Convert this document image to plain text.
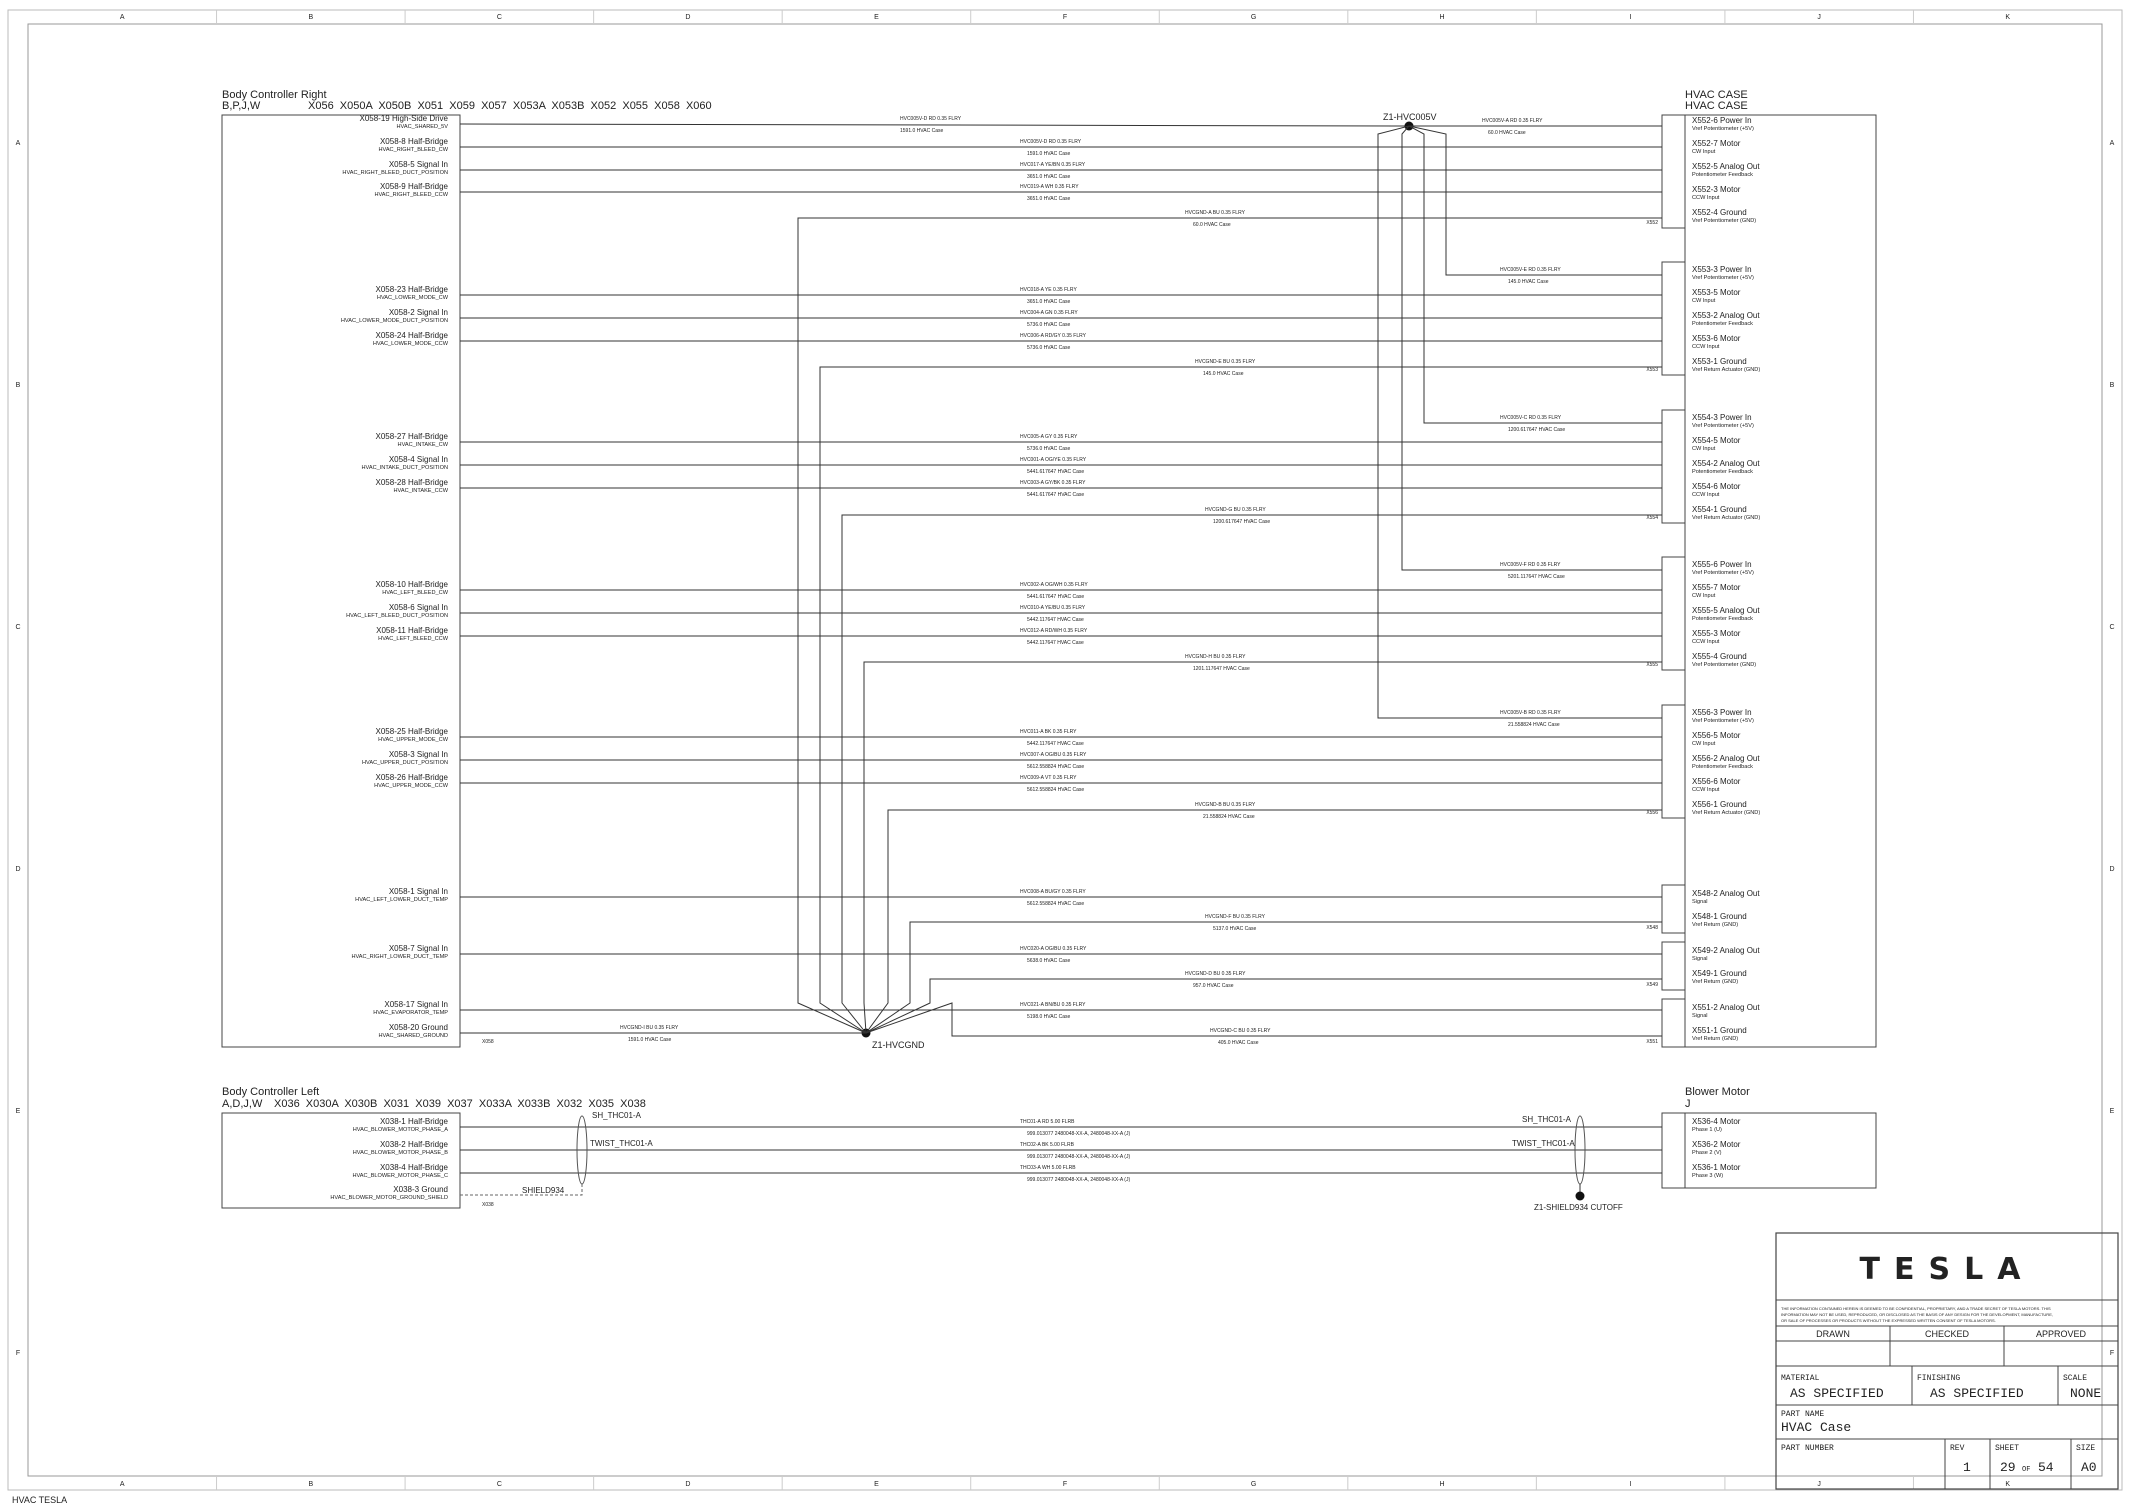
A
A
B
B
C
C
D
D
E
E
F
F
G
G
H
H
I
I
J
J
K
K
A	A
B	B
C	C
D	D
E	E
F	F
Body Controller Right
B,P,J,W	X056  X050A  X050B  X051  X059  X057  X053A  X053B  X052  X055  X058  X060
X058-19 High-Side Drive
HVAC_SHARED_5V
X058-8 Half-Bridge
HVAC_RIGHT_BLEED_CW
X058-5 Signal In
HVAC_RIGHT_BLEED_DUCT_POSITION
X058-9 Half-Bridge
HVAC_RIGHT_BLEED_CCW
X058-23 Half-Bridge
HVAC_LOWER_MODE_CW
X058-2 Signal In
HVAC_LOWER_MODE_DUCT_POSITION
X058-24 Half-Bridge
HVAC_LOWER_MODE_CCW
X058-27 Half-Bridge
HVAC_INTAKE_CW
X058-4 Signal In
HVAC_INTAKE_DUCT_POSITION
X058-28 Half-Bridge
HVAC_INTAKE_CCW
X058-10 Half-Bridge
HVAC_LEFT_BLEED_CW
X058-6 Signal In
HVAC_LEFT_BLEED_DUCT_POSITION
X058-11 Half-Bridge
HVAC_LEFT_BLEED_CCW
X058-25 Half-Bridge
HVAC_UPPER_MODE_CW
X058-3 Signal In
HVAC_UPPER_DUCT_POSITION
X058-26 Half-Bridge
HVAC_UPPER_MODE_CCW
X058-1 Signal In
HVAC_LEFT_LOWER_DUCT_TEMP
X058-7 Signal In
HVAC_RIGHT_LOWER_DUCT_TEMP
X058-17 Signal In
HVAC_EVAPORATOR_TEMP
X058-20 Ground
HVAC_SHARED_GROUND
X058
HVAC CASE
HVAC CASE
X552
X553
X554
X555
X556
X548
X549
X551
X552-6 Power In
Vref Potentiometer (+5V)
X552-7 Motor
CW Input
X552-5 Analog Out
Potentiometer Feedback
X552-3 Motor
CCW Input
X552-4 Ground
Vref Potentiometer (GND)
X553-3 Power In
Vref Potentiometer (+5V)
X553-5 Motor
CW Input
X553-2 Analog Out
Potentiometer Feedback
X553-6 Motor
CCW Input
X553-1 Ground
Vref Return Actuator (GND)
X554-3 Power In
Vref Potentiometer (+5V)
X554-5 Motor
CW Input
X554-2 Analog Out
Potentiometer Feedback
X554-6 Motor
CCW Input
X554-1 Ground
Vref Return Actuator (GND)
X555-6 Power In
Vref Potentiometer (+5V)
X555-7 Motor
CW Input
X555-5 Analog Out
Potentiometer Feedback
X555-3 Motor
CCW Input
X555-4 Ground
Vref Potentiometer (GND)
X556-3 Power In
Vref Potentiometer (+5V)
X556-5 Motor
CW Input
X556-2 Analog Out
Potentiometer Feedback
X556-6 Motor
CCW Input
X556-1 Ground
Vref Return Actuator (GND)
X548-2 Analog Out
Signal
X548-1 Ground
Vref Return (GND)
X549-2 Analog Out
Signal
X549-1 Ground
Vref Return (GND)
X551-2 Analog Out
Signal
X551-1 Ground
Vref Return (GND)
HVC005V-D RD 0.35 FLRY
1591.0 HVAC Case
HVC017-A YE/BN 0.35 FLRY
3651.0 HVAC Case
HVC019-A WH 0.35 FLRY
3651.0 HVAC Case
HVC018-A YE 0.35 FLRY
3651.0 HVAC Case
HVC004-A GN 0.35 FLRY
5736.0 HVAC Case
HVC006-A RD/GY 0.35 FLRY
5736.0 HVAC Case
HVC005-A GY 0.35 FLRY
5736.0 HVAC Case
HVC001-A OG/YE 0.35 FLRY
5441.617647 HVAC Case
HVC003-A GY/BK 0.35 FLRY
5441.617647 HVAC Case
HVC002-A OG/WH 0.35 FLRY
5441.617647 HVAC Case
HVC010-A YE/BU 0.35 FLRY
5442.117647 HVAC Case
HVC012-A RD/WH 0.35 FLRY
5442.117647 HVAC Case
HVC011-A BK 0.35 FLRY
5442.117647 HVAC Case
HVC007-A OG/BU 0.35 FLRY
5612.558824 HVAC Case
HVC009-A VT 0.35 FLRY
5612.558824 HVAC Case
HVC008-A BU/GY 0.35 FLRY
5612.558824 HVAC Case
HVC020-A OG/BU 0.35 FLRY
5638.0 HVAC Case
HVC021-A BN/BU 0.35 FLRY
5198.0 HVAC Case
HVC005V-D RD 0.35 FLRY
1591.0 HVAC Case
HVC005V-A RD 0.35 FLRY
60.0 HVAC Case
HVC005V-E RD 0.35 FLRY
145.0 HVAC Case
HVC005V-C RD 0.35 FLRY
1200.617647 HVAC Case
HVC005V-F RD 0.35 FLRY
5201.117647 HVAC Case
HVC005V-B RD 0.35 FLRY
21.558824 HVAC Case
HVCGND-I BU 0.35 FLRY
1591.0 HVAC Case
HVCGND-A BU 0.35 FLRY
60.0 HVAC Case
HVCGND-E BU 0.35 FLRY
145.0 HVAC Case
HVCGND-G BU 0.35 FLRY
1200.617647 HVAC Case
HVCGND-H BU 0.35 FLRY
1201.117647 HVAC Case
HVCGND-B BU 0.35 FLRY
21.558824 HVAC Case
HVCGND-F BU 0.35 FLRY
5137.0 HVAC Case
HVCGND-D BU 0.35 FLRY
957.0 HVAC Case
HVCGND-C BU 0.35 FLRY
405.0 HVAC Case
Z1-HVC005V
Z1-HVCGND
Body Controller Left
A,D,J,W X036  X030A  X030B  X031  X039  X037  X033A  X033B  X032  X035  X038
X038-1 Half-Bridge
HVAC_BLOWER_MOTOR_PHASE_A
X038-2 Half-Bridge
HVAC_BLOWER_MOTOR_PHASE_B
X038-4 Half-Bridge
HVAC_BLOWER_MOTOR_PHASE_C
X038-3 Ground
HVAC_BLOWER_MOTOR_GROUND_SHIELD
X038
Blower Motor
J
X536-4 Motor
Phase 1 (U)
X536-2 Motor
Phase 2 (V)
X536-1 Motor
Phase 3 (W)
THC01-A RD 5.00 FLRB
999.013077 2480048-XX-A, 2480048-XX-A (J)
THC02-A BK 5.00 FLRB
999.013077 2480048-XX-A, 2480048-XX-A (J)
THC03-A WH 5.00 FLRB
999.013077 2480048-XX-A, 2480048-XX-A (J)
SH_THC01-A
TWIST_THC01-A
SH_THC01-A
TWIST_THC01-A
SHIELD934
Z1-SHIELD934 CUTOFF
TESLA
THE INFORMATION CONTAINED HEREIN IS DEEMED TO BE CONFIDENTIAL, PROPRIETARY, AND A TRADE SECRET OF TESLA MOTORS. THIS
INFORMATION MAY NOT BE USED, REPRODUCED, OR DISCLOSED AS THE BASIS OF ANY DESIGN FOR THE DEVELOPMENT, MANUFACTURE,
OR SALE OF PROCESSES OR PRODUCTS WITHOUT THE EXPRESSED WRITTEN CONSENT OF TESLA MOTORS.
DRAWN	CHECKED	APPROVED
MATERIAL
AS SPECIFIED
FINISHING
AS SPECIFIED
SCALE
NONE
PART NAME
HVAC Case
PART NUMBER	REV
1
SHEET
29 OF 54
SIZE
A0
HVAC TESLA
